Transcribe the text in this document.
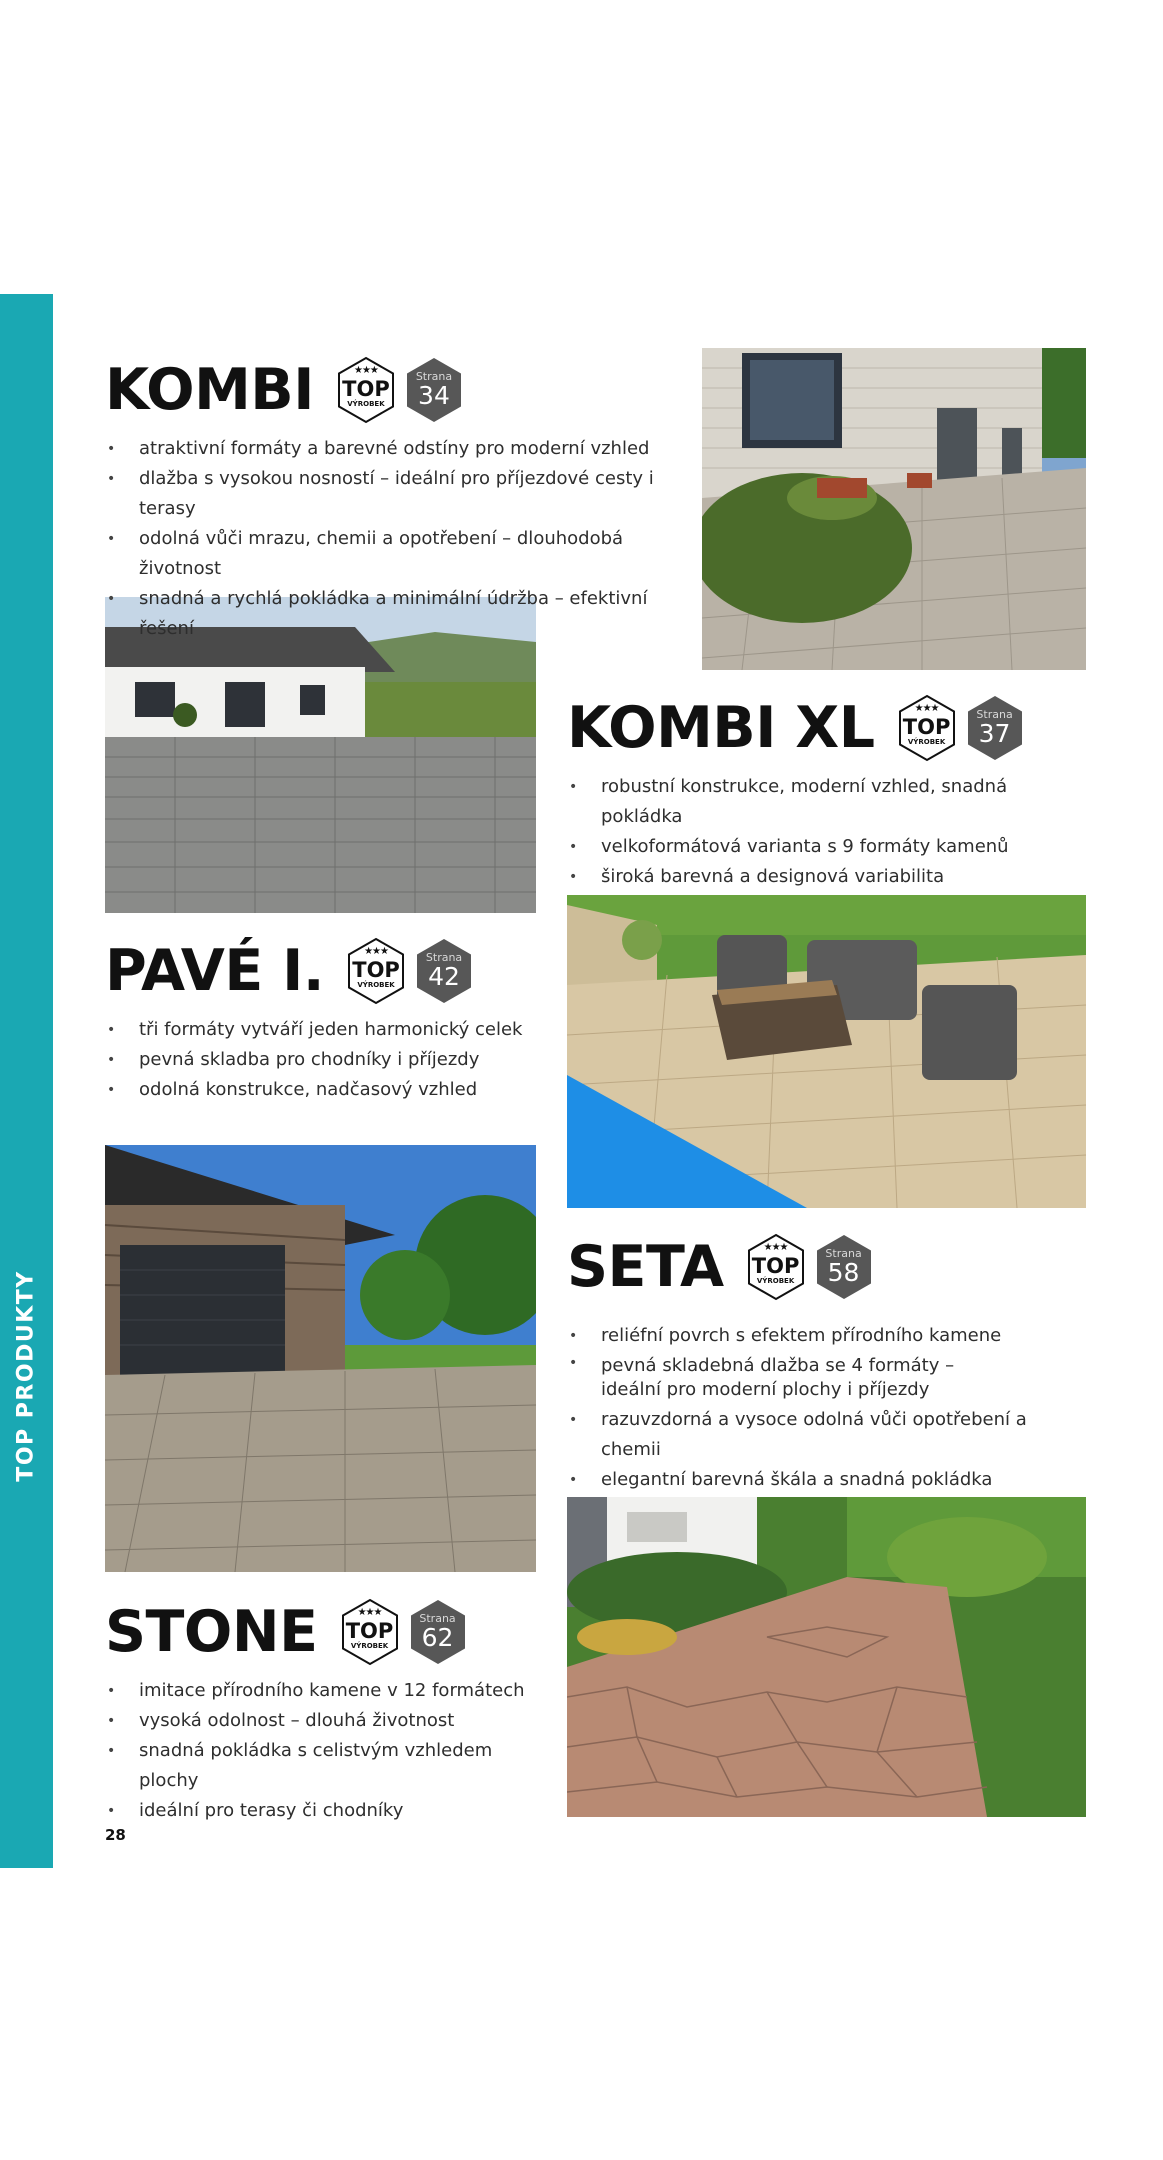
TOP PRODUKTY
KOMBI	★★★
TOP
VÝROBEK
Strana
34
• atraktivní formáty a barevné odstíny pro moderní vzhled
• dlažba s vysokou nosností – ideální pro příjezdové cesty i terasy
• odolná vůči mrazu, chemii a opotřebení – dlouhodobá životnost
• snadná a rychlá pokládka a minimální údržba – efektivní řešení
KOMBI XL	★★★
TOP
VÝROBEK
Strana
37
• robustní konstrukce, moderní vzhled, snadná pokládka
• velkoformátová varianta s 9 formáty kamenů
• široká barevná a designová variabilita
PAVÉ I.	★★★
TOP
VÝROBEK
Strana
42
• tři formáty vytváří jeden harmonický celek
• pevná skladba pro chodníky i příjezdy
• odolná konstrukce, nadčasový vzhled
SETA	★★★
TOP
VÝROBEK
Strana
58
• reliéfní povrch s efektem přírodního kamene
• pevná skladebná dlažba se 4 formáty – ideální pro moderní plochy i příjezdy
• razuvzdorná a vysoce odolná vůči opotřebení a chemii
• elegantní barevná škála a snadná pokládka
STONE	★★★
TOP
VÝROBEK
Strana
62
• imitace přírodního kamene v 12 formátech
• vysoká odolnost – dlouhá životnost
• snadná pokládka s celistvým vzhledem plochy
• ideální pro terasy či chodníky
28
